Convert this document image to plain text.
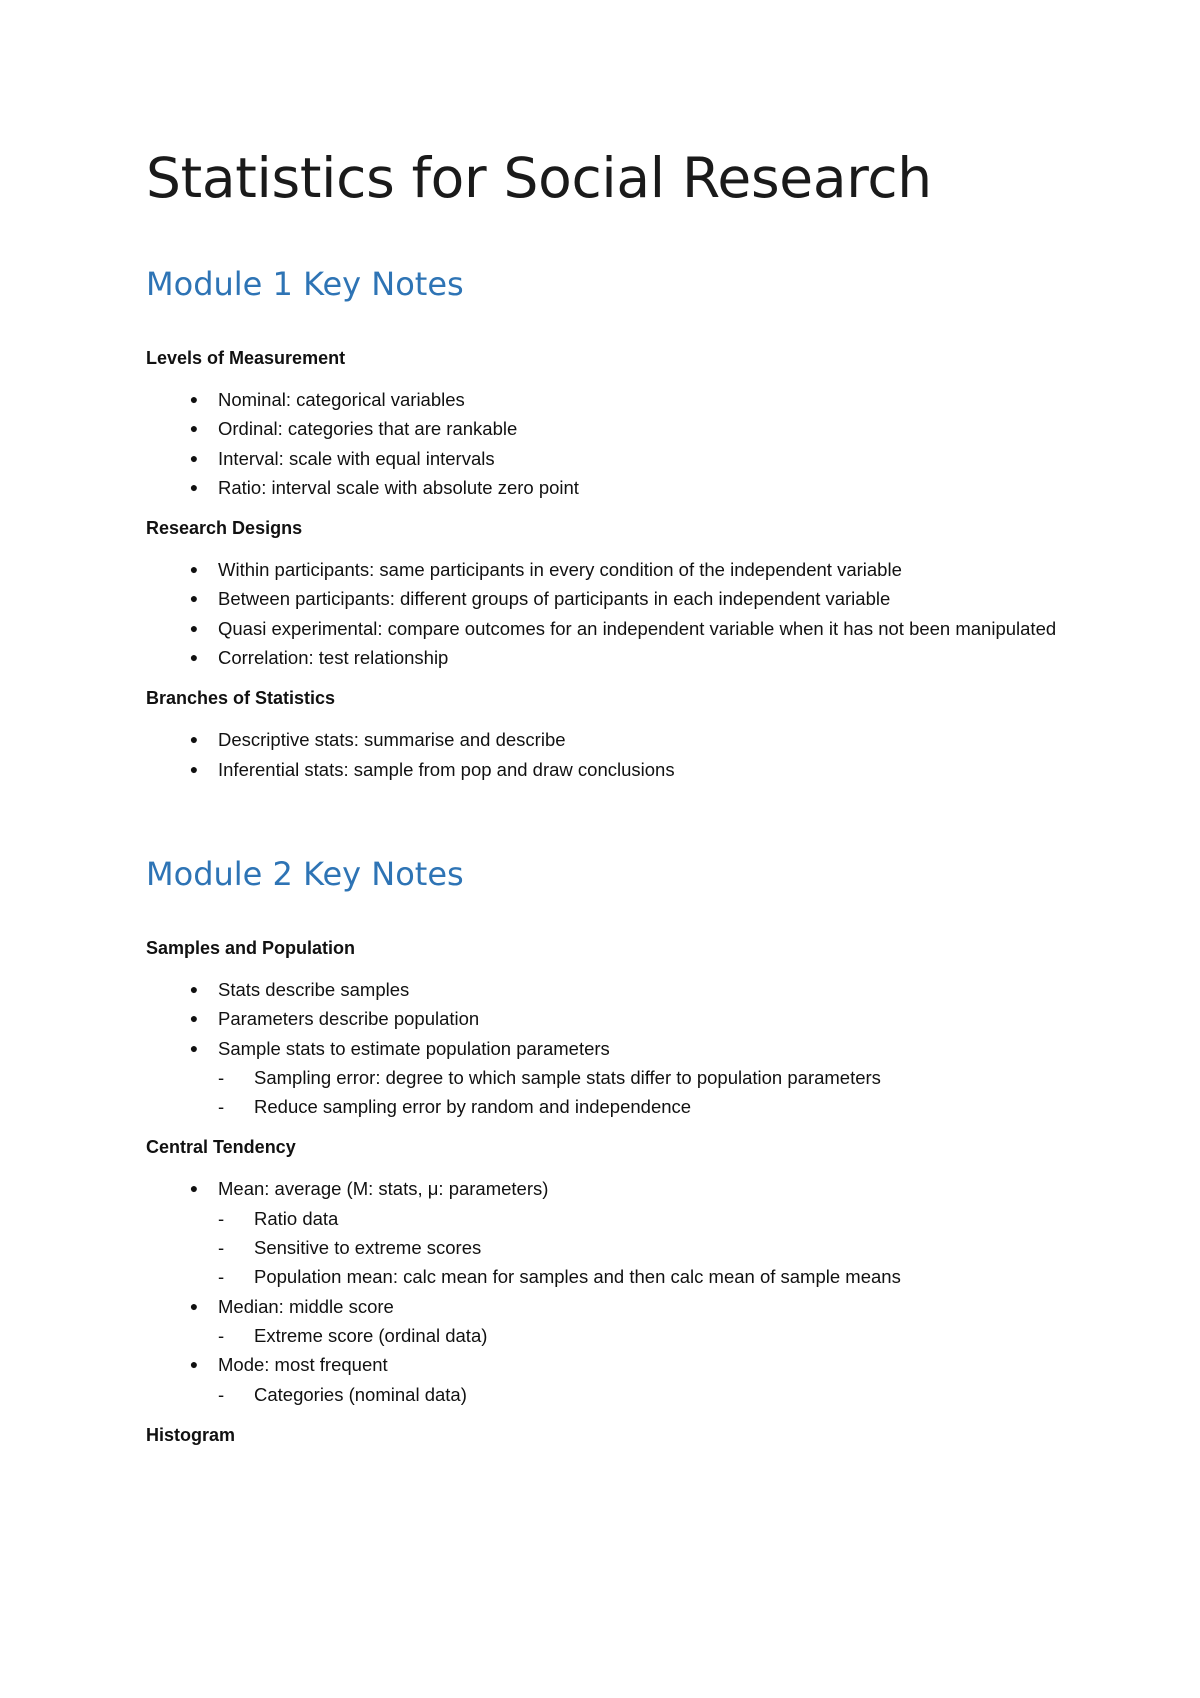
Statistics for Social Research
Module 1 Key Notes
Levels of Measurement
●	Nominal: categorical variables
●	Ordinal: categories that are rankable
●	Interval: scale with equal intervals
●	Ratio: interval scale with absolute zero point
Research Designs
●	Within participants: same participants in every condition of the independent variable
●	Between participants: different groups of participants in each independent variable
●	Quasi experimental: compare outcomes for an independent variable when it has not been manipulated
●	Correlation: test relationship
Branches of Statistics
●	Descriptive stats: summarise and describe
●	Inferential stats: sample from pop and draw conclusions
Module 2 Key Notes
Samples and Population
●	Stats describe samples
●	Parameters describe population
●	Sample stats to estimate population parameters
- Sampling error: degree to which sample stats differ to population parameters
- Reduce sampling error by random and independence
Central Tendency
●	Mean: average (M: stats, μ: parameters)
- Ratio data
- Sensitive to extreme scores
- Population mean: calc mean for samples and then calc mean of sample means
●	Median: middle score
- Extreme score (ordinal data)
●	Mode: most frequent
- Categories (nominal data)
Histogram
